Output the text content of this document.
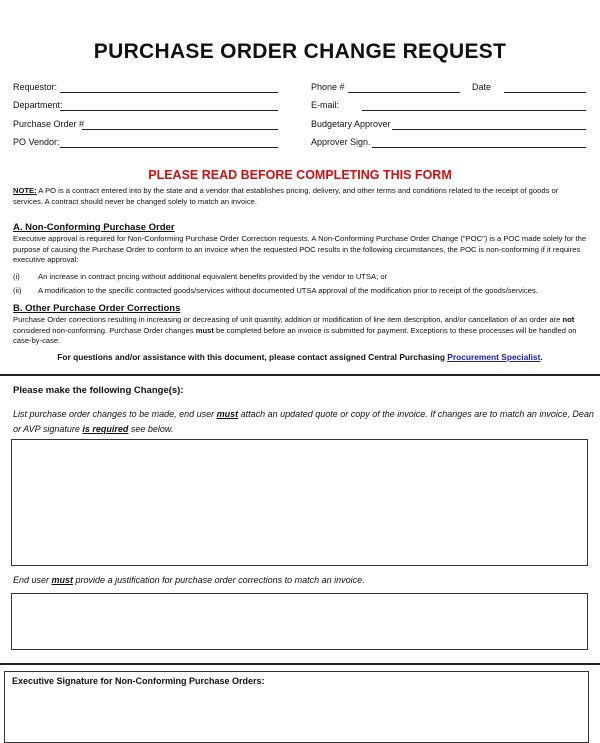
PURCHASE ORDER CHANGE REQUEST
Requestor:
Department:
Purchase Order #
PO Vendor:
Phone #	Date
E-mail:
Budgetary Approver
Approver Sign.
PLEASE READ BEFORE COMPLETING THIS FORM
NOTE: A PO is a contract entered into by the state and a vendor that establishes pricing, delivery, and other terms and conditions related to the receipt of goods or
services. A contract should never be changed solely to match an invoice.
A. Non-Conforming Purchase Order
Executive approval is required for Non-Conforming Purchase Order Correction requests. A Non-Conforming Purchase Order Change ("POC") is a POC made solely for the
purpose of causing the Purchase Order to conform to an invoice when the requested POC results in the following circumstances, the POC is non-conforming if it requires
executive approval:
(i) An increase in contract pricing without additional equivalent benefits provided by the vendor to UTSA; or
(ii) A modification to the specific contracted goods/services without documented UTSA approval of the modification prior to receipt of the goods/services.
B. Other Purchase Order Corrections
Purchase Order corrections resulting in increasing or decreasing of unit quantity, addition or modification of line item description, and/or cancellation of an order are not
considered non-conforming. Purchase Order changes must be completed before an invoice is submitted for payment. Exceptions to these processes will be handled on
case-by-case.
For questions and/or assistance with this document, please contact assigned Central Purchasing Procurement Specialist.
Please make the following Change(s):
List purchase order changes to be made, end user must attach an updated quote or copy of the invoice. If changes are to match an invoice, Dean
or AVP signature is required see below.
End user must provide a justification for purchase order corrections to match an invoice.
Executive Signature for Non-Conforming Purchase Orders:
